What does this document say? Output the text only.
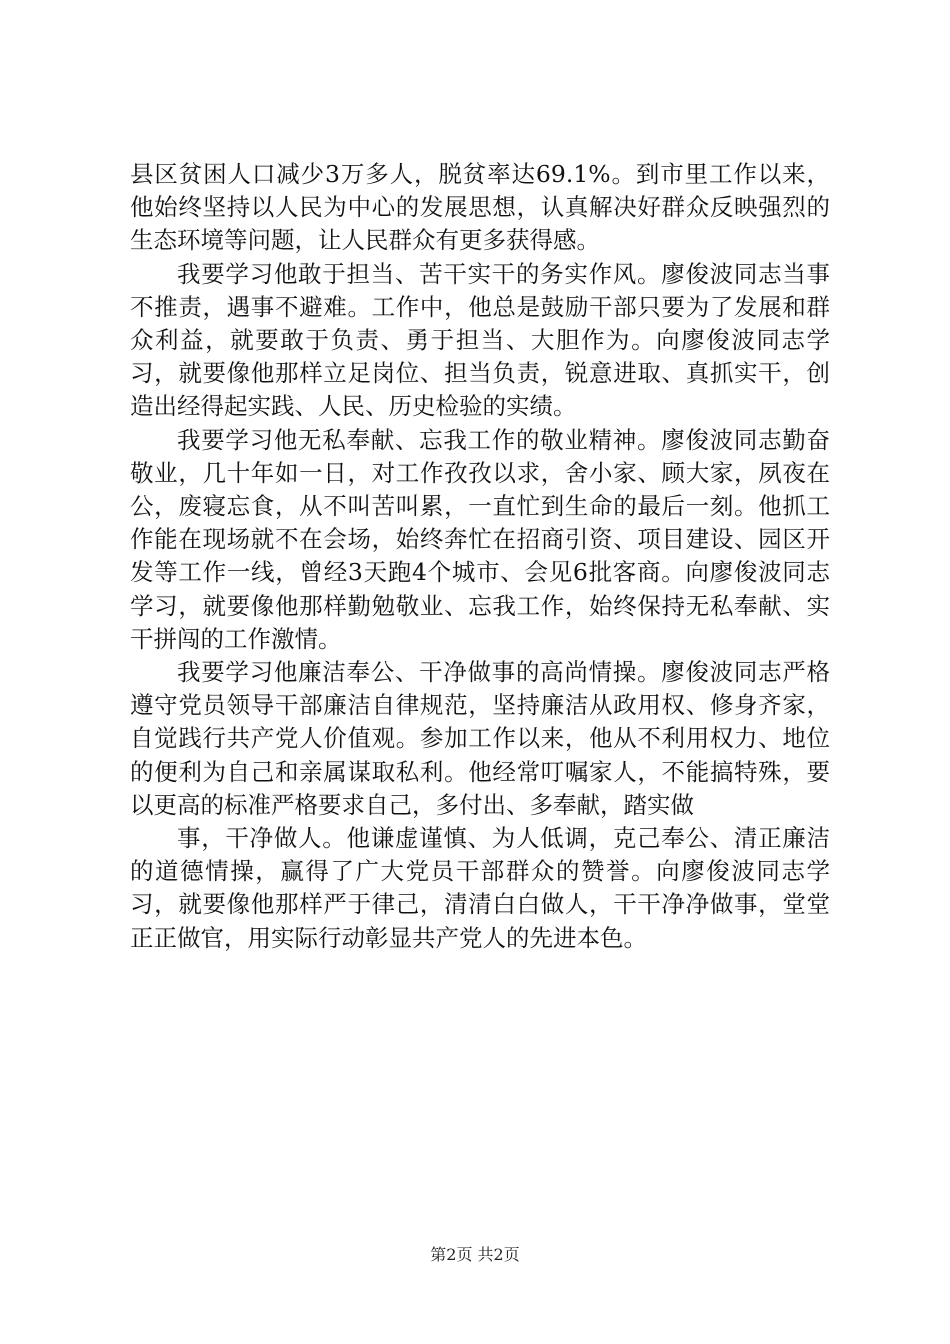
县区贫困人口减少3万多人，脱贫率达69.1%。到市里工作以来，他始终坚持以人民为中心的发展思想，认真解决好群众反映强烈的生态环境等问题，让人民群众有更多获得感。

我要学习他敢于担当、苦干实干的务实作风。廖俊波同志当事不推责，遇事不避难。工作中，他总是鼓励干部只要为了发展和群众利益，就要敢于负责、勇于担当、大胆作为。向廖俊波同志学习，就要像他那样立足岗位、担当负责，锐意进取、真抓实干，创造出经得起实践、人民、历史检验的实绩。

我要学习他无私奉献、忘我工作的敬业精神。廖俊波同志勤奋敬业，几十年如一日，对工作孜孜以求，舍小家、顾大家，夙夜在公，废寝忘食，从不叫苦叫累，一直忙到生命的最后一刻。他抓工作能在现场就不在会场，始终奔忙在招商引资、项目建设、园区开发等工作一线，曾经3天跑4个城市、会见6批客商。向廖俊波同志学习，就要像他那样勤勉敬业、忘我工作，始终保持无私奉献、实干拼闯的工作激情。

我要学习他廉洁奉公、干净做事的高尚情操。廖俊波同志严格遵守党员领导干部廉洁自律规范，坚持廉洁从政用权、修身齐家，自觉践行共产党人价值观。参加工作以来，他从不利用权力、地位的便利为自己和亲属谋取私利。他经常叮嘱家人，不能搞特殊，要以更高的标准严格要求自己，多付出、多奉献，踏实做

事，干净做人。他谦虚谨慎、为人低调，克己奉公、清正廉洁的道德情操，赢得了广大党员干部群众的赞誉。向廖俊波同志学习，就要像他那样严于律己，清清白白做人，干干净净做事，堂堂正正做官，用实际行动彰显共产党人的先进本色。

第2页 共2页
